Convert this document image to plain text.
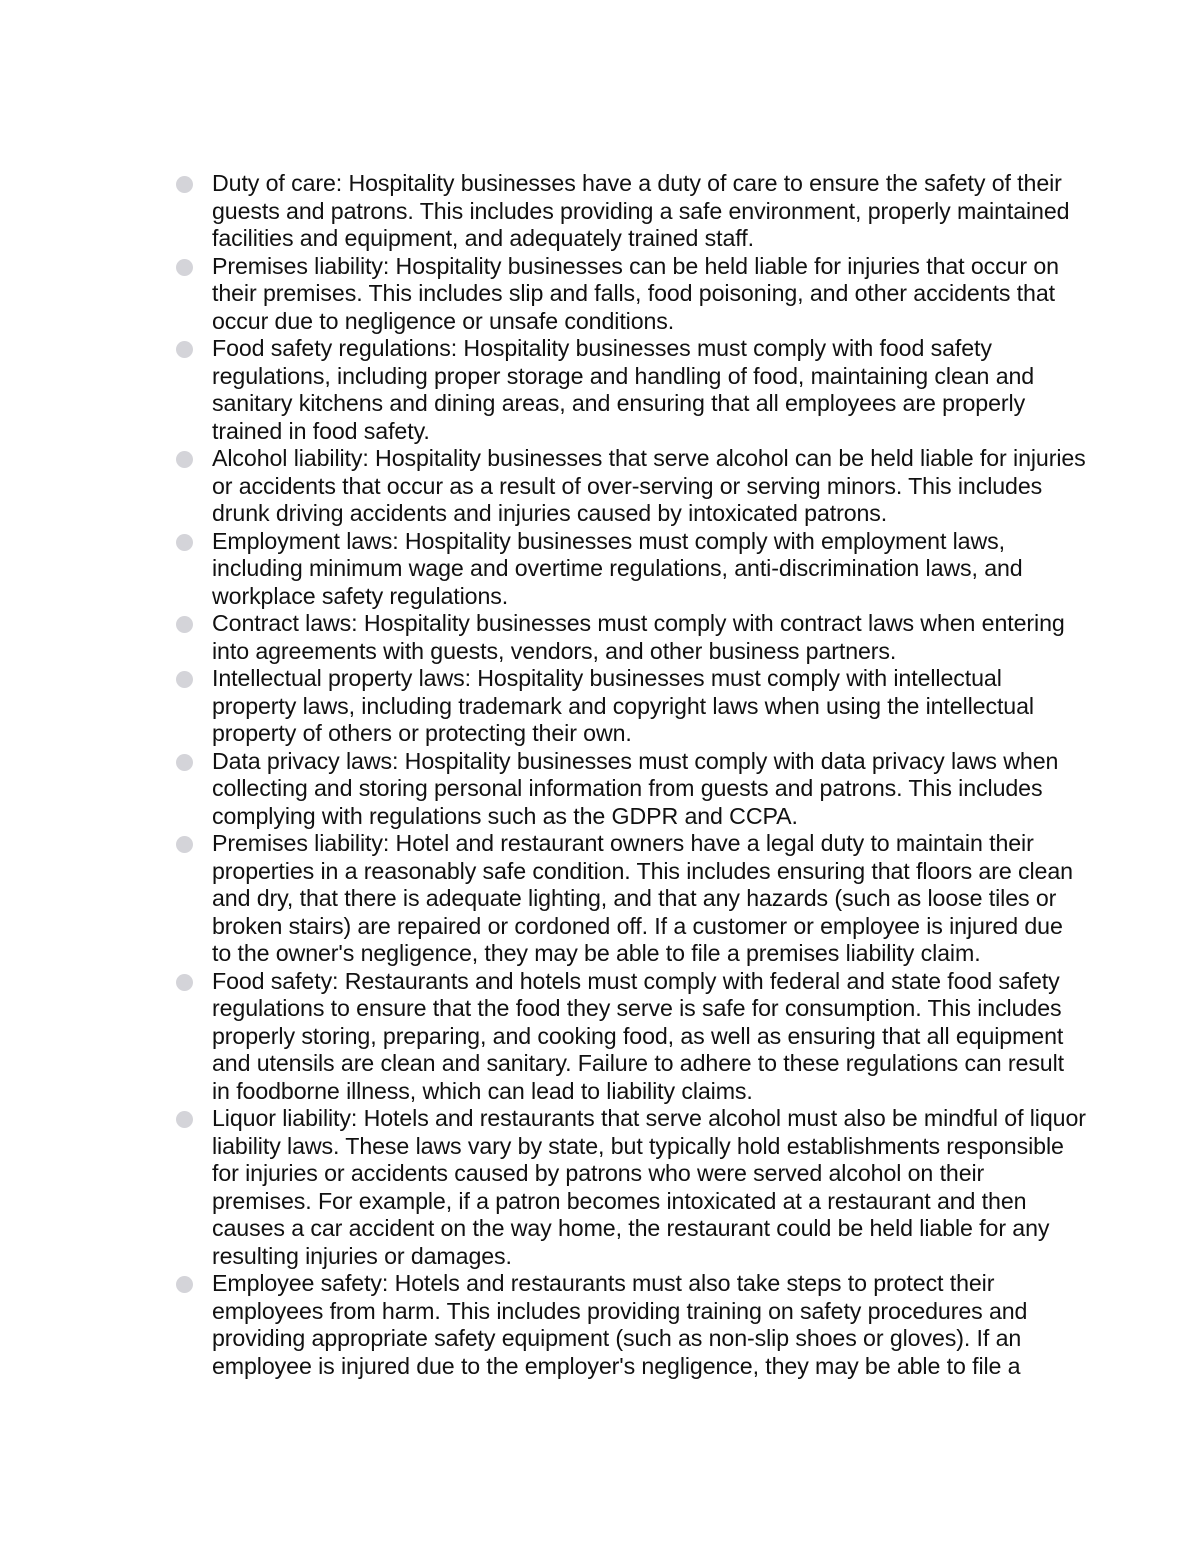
Duty of care: Hospitality businesses have a duty of care to ensure the safety of their guests and patrons. This includes providing a safe environment, properly maintained facilities and equipment, and adequately trained staff.
Premises liability: Hospitality businesses can be held liable for injuries that occur on their premises. This includes slip and falls, food poisoning, and other accidents that occur due to negligence or unsafe conditions.
Food safety regulations: Hospitality businesses must comply with food safety regulations, including proper storage and handling of food, maintaining clean and sanitary kitchens and dining areas, and ensuring that all employees are properly trained in food safety.
Alcohol liability: Hospitality businesses that serve alcohol can be held liable for injuries or accidents that occur as a result of over-serving or serving minors. This includes drunk driving accidents and injuries caused by intoxicated patrons.
Employment laws: Hospitality businesses must comply with employment laws, including minimum wage and overtime regulations, anti-discrimination laws, and workplace safety regulations.
Contract laws: Hospitality businesses must comply with contract laws when entering into agreements with guests, vendors, and other business partners.
Intellectual property laws: Hospitality businesses must comply with intellectual property laws, including trademark and copyright laws when using the intellectual property of others or protecting their own.
Data privacy laws: Hospitality businesses must comply with data privacy laws when collecting and storing personal information from guests and patrons. This includes complying with regulations such as the GDPR and CCPA.
Premises liability: Hotel and restaurant owners have a legal duty to maintain their properties in a reasonably safe condition. This includes ensuring that floors are clean and dry, that there is adequate lighting, and that any hazards (such as loose tiles or broken stairs) are repaired or cordoned off. If a customer or employee is injured due to the owner's negligence, they may be able to file a premises liability claim.
Food safety: Restaurants and hotels must comply with federal and state food safety regulations to ensure that the food they serve is safe for consumption. This includes properly storing, preparing, and cooking food, as well as ensuring that all equipment and utensils are clean and sanitary. Failure to adhere to these regulations can result in foodborne illness, which can lead to liability claims.
Liquor liability: Hotels and restaurants that serve alcohol must also be mindful of liquor liability laws. These laws vary by state, but typically hold establishments responsible for injuries or accidents caused by patrons who were served alcohol on their premises. For example, if a patron becomes intoxicated at a restaurant and then causes a car accident on the way home, the restaurant could be held liable for any resulting injuries or damages.
Employee safety: Hotels and restaurants must also take steps to protect their employees from harm. This includes providing training on safety procedures and providing appropriate safety equipment (such as non-slip shoes or gloves). If an employee is injured due to the employer's negligence, they may be able to file a
